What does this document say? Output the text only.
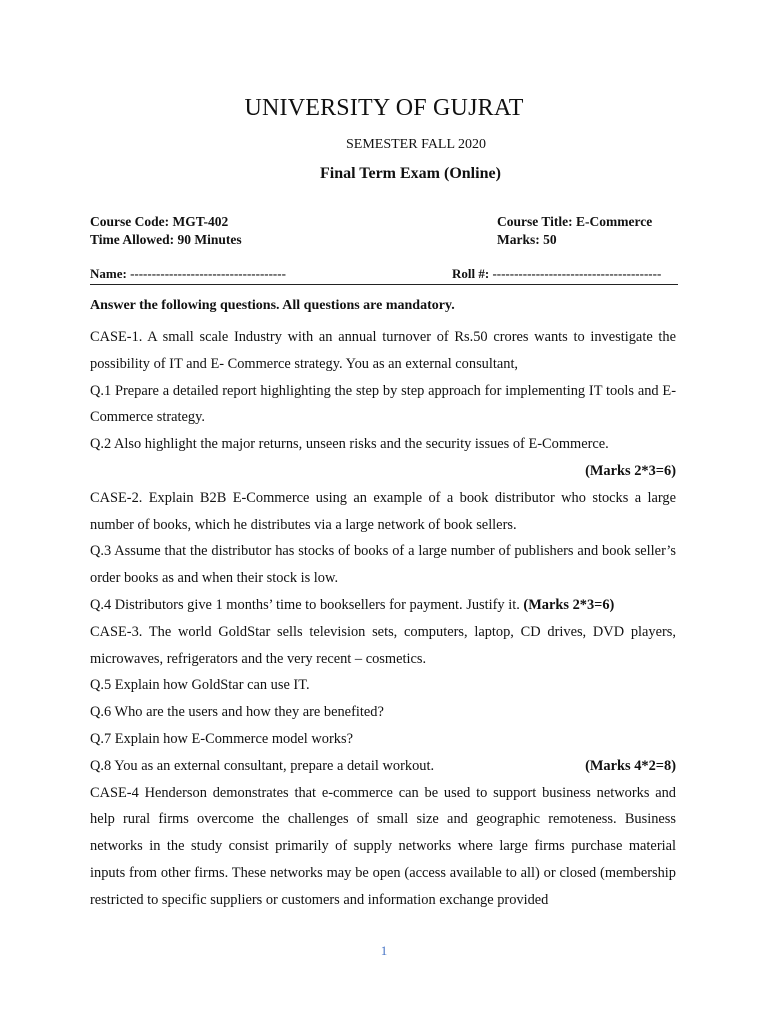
UNIVERSITY OF GUJRAT
SEMESTER FALL 2020
Final Term Exam (Online)
Course Code: MGT-402	Course Title: E-Commerce
Time Allowed: 90 Minutes	Marks: 50
Name: ------------------------------------	Roll #: ---------------------------------------
Answer the following questions. All questions are mandatory.

CASE-1. A small scale Industry with an annual turnover of Rs.50 crores wants to investigate the possibility of IT and E- Commerce strategy. You as an external consultant,

Q.1 Prepare a detailed report highlighting the step by step approach for implementing IT tools and E-Commerce strategy.

Q.2 Also highlight the major returns, unseen risks and the security issues of E-Commerce.

(Marks 2*3=6)

CASE-2. Explain B2B E-Commerce using an example of a book distributor who stocks a large number of books, which he distributes via a large network of book sellers.

Q.3 Assume that the distributor has stocks of books of a large number of publishers and book seller’s order books as and when their stock is low.

Q.4 Distributors give 1 months’ time to booksellers for payment. Justify it. (Marks 2*3=6)

CASE-3. The world GoldStar sells television sets, computers, laptop, CD drives, DVD players, microwaves, refrigerators and the very recent – cosmetics.

Q.5 Explain how GoldStar can use IT.

Q.6 Who are the users and how they are benefited?

Q.7 Explain how E-Commerce model works?

Q.8 You as an external consultant, prepare a detail workout.	(Marks 4*2=8)

CASE-4 Henderson demonstrates that e-commerce can be used to support business networks and help rural firms overcome the challenges of small size and geographic remoteness. Business networks in the study consist primarily of supply networks where large firms purchase material inputs from other firms. These networks may be open (access available to all) or closed (membership restricted to specific suppliers or customers and information exchange provided

1
